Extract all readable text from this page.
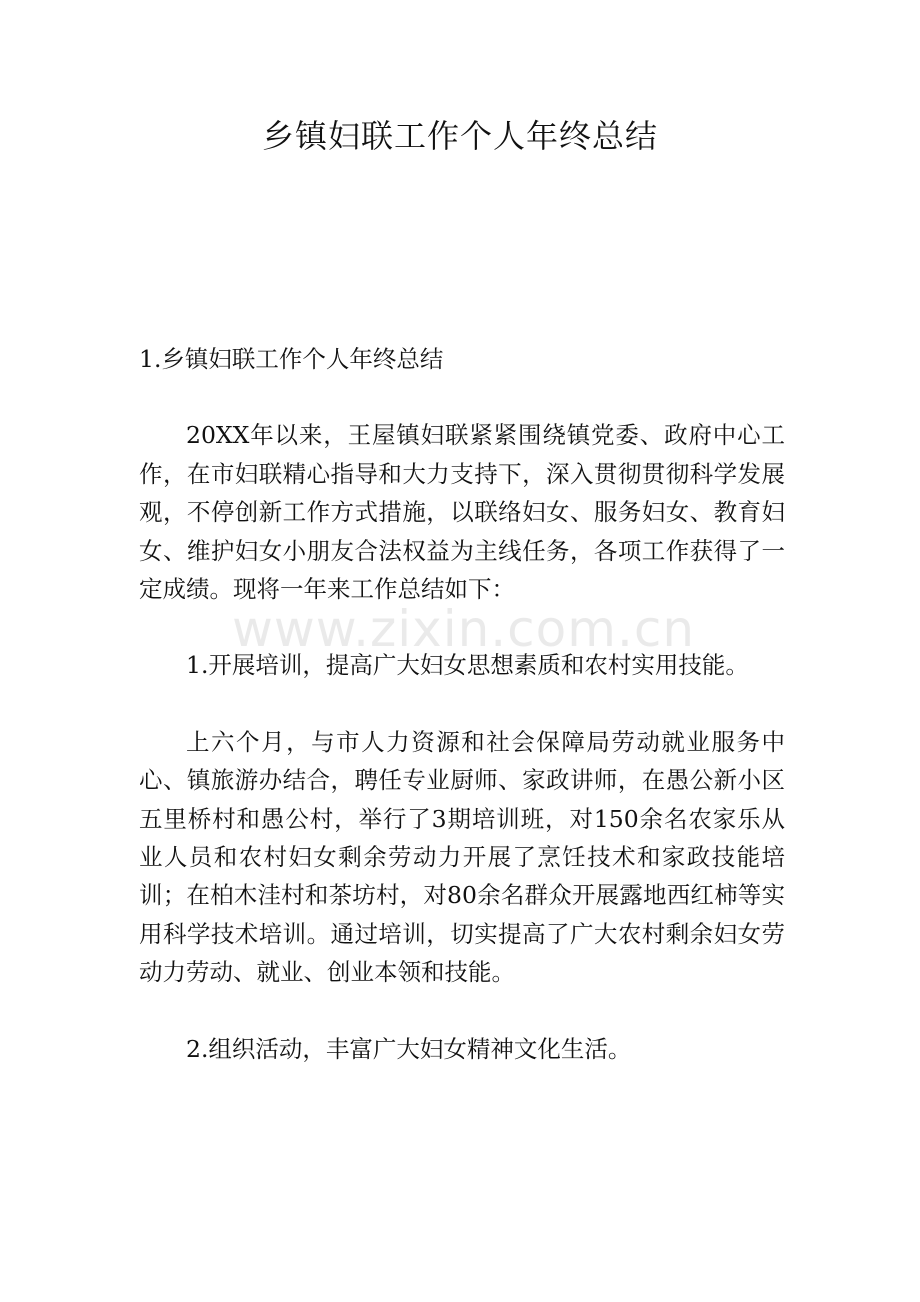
乡镇妇联工作个人年终总结

1.乡镇妇联工作个人年终总结

20XX年以来，王屋镇妇联紧紧围绕镇党委、政府中心工作，在市妇联精心指导和大力支持下，深入贯彻贯彻科学发展观，不停创新工作方式措施，以联络妇女、服务妇女、教育妇女、维护妇女小朋友合法权益为主线任务，各项工作获得了一定成绩。现将一年来工作总结如下：

1.开展培训，提高广大妇女思想素质和农村实用技能。

上六个月，与市人力资源和社会保障局劳动就业服务中心、镇旅游办结合，聘任专业厨师、家政讲师，在愚公新小区五里桥村和愚公村，举行了3期培训班，对150余名农家乐从业人员和农村妇女剩余劳动力开展了烹饪技术和家政技能培训；在柏木洼村和茶坊村，对80余名群众开展露地西红柿等实用科学技术培训。通过培训，切实提高了广大农村剩余妇女劳动力劳动、就业、创业本领和技能。

2.组织活动，丰富广大妇女精神文化生活。

www.zixin.com.cn
